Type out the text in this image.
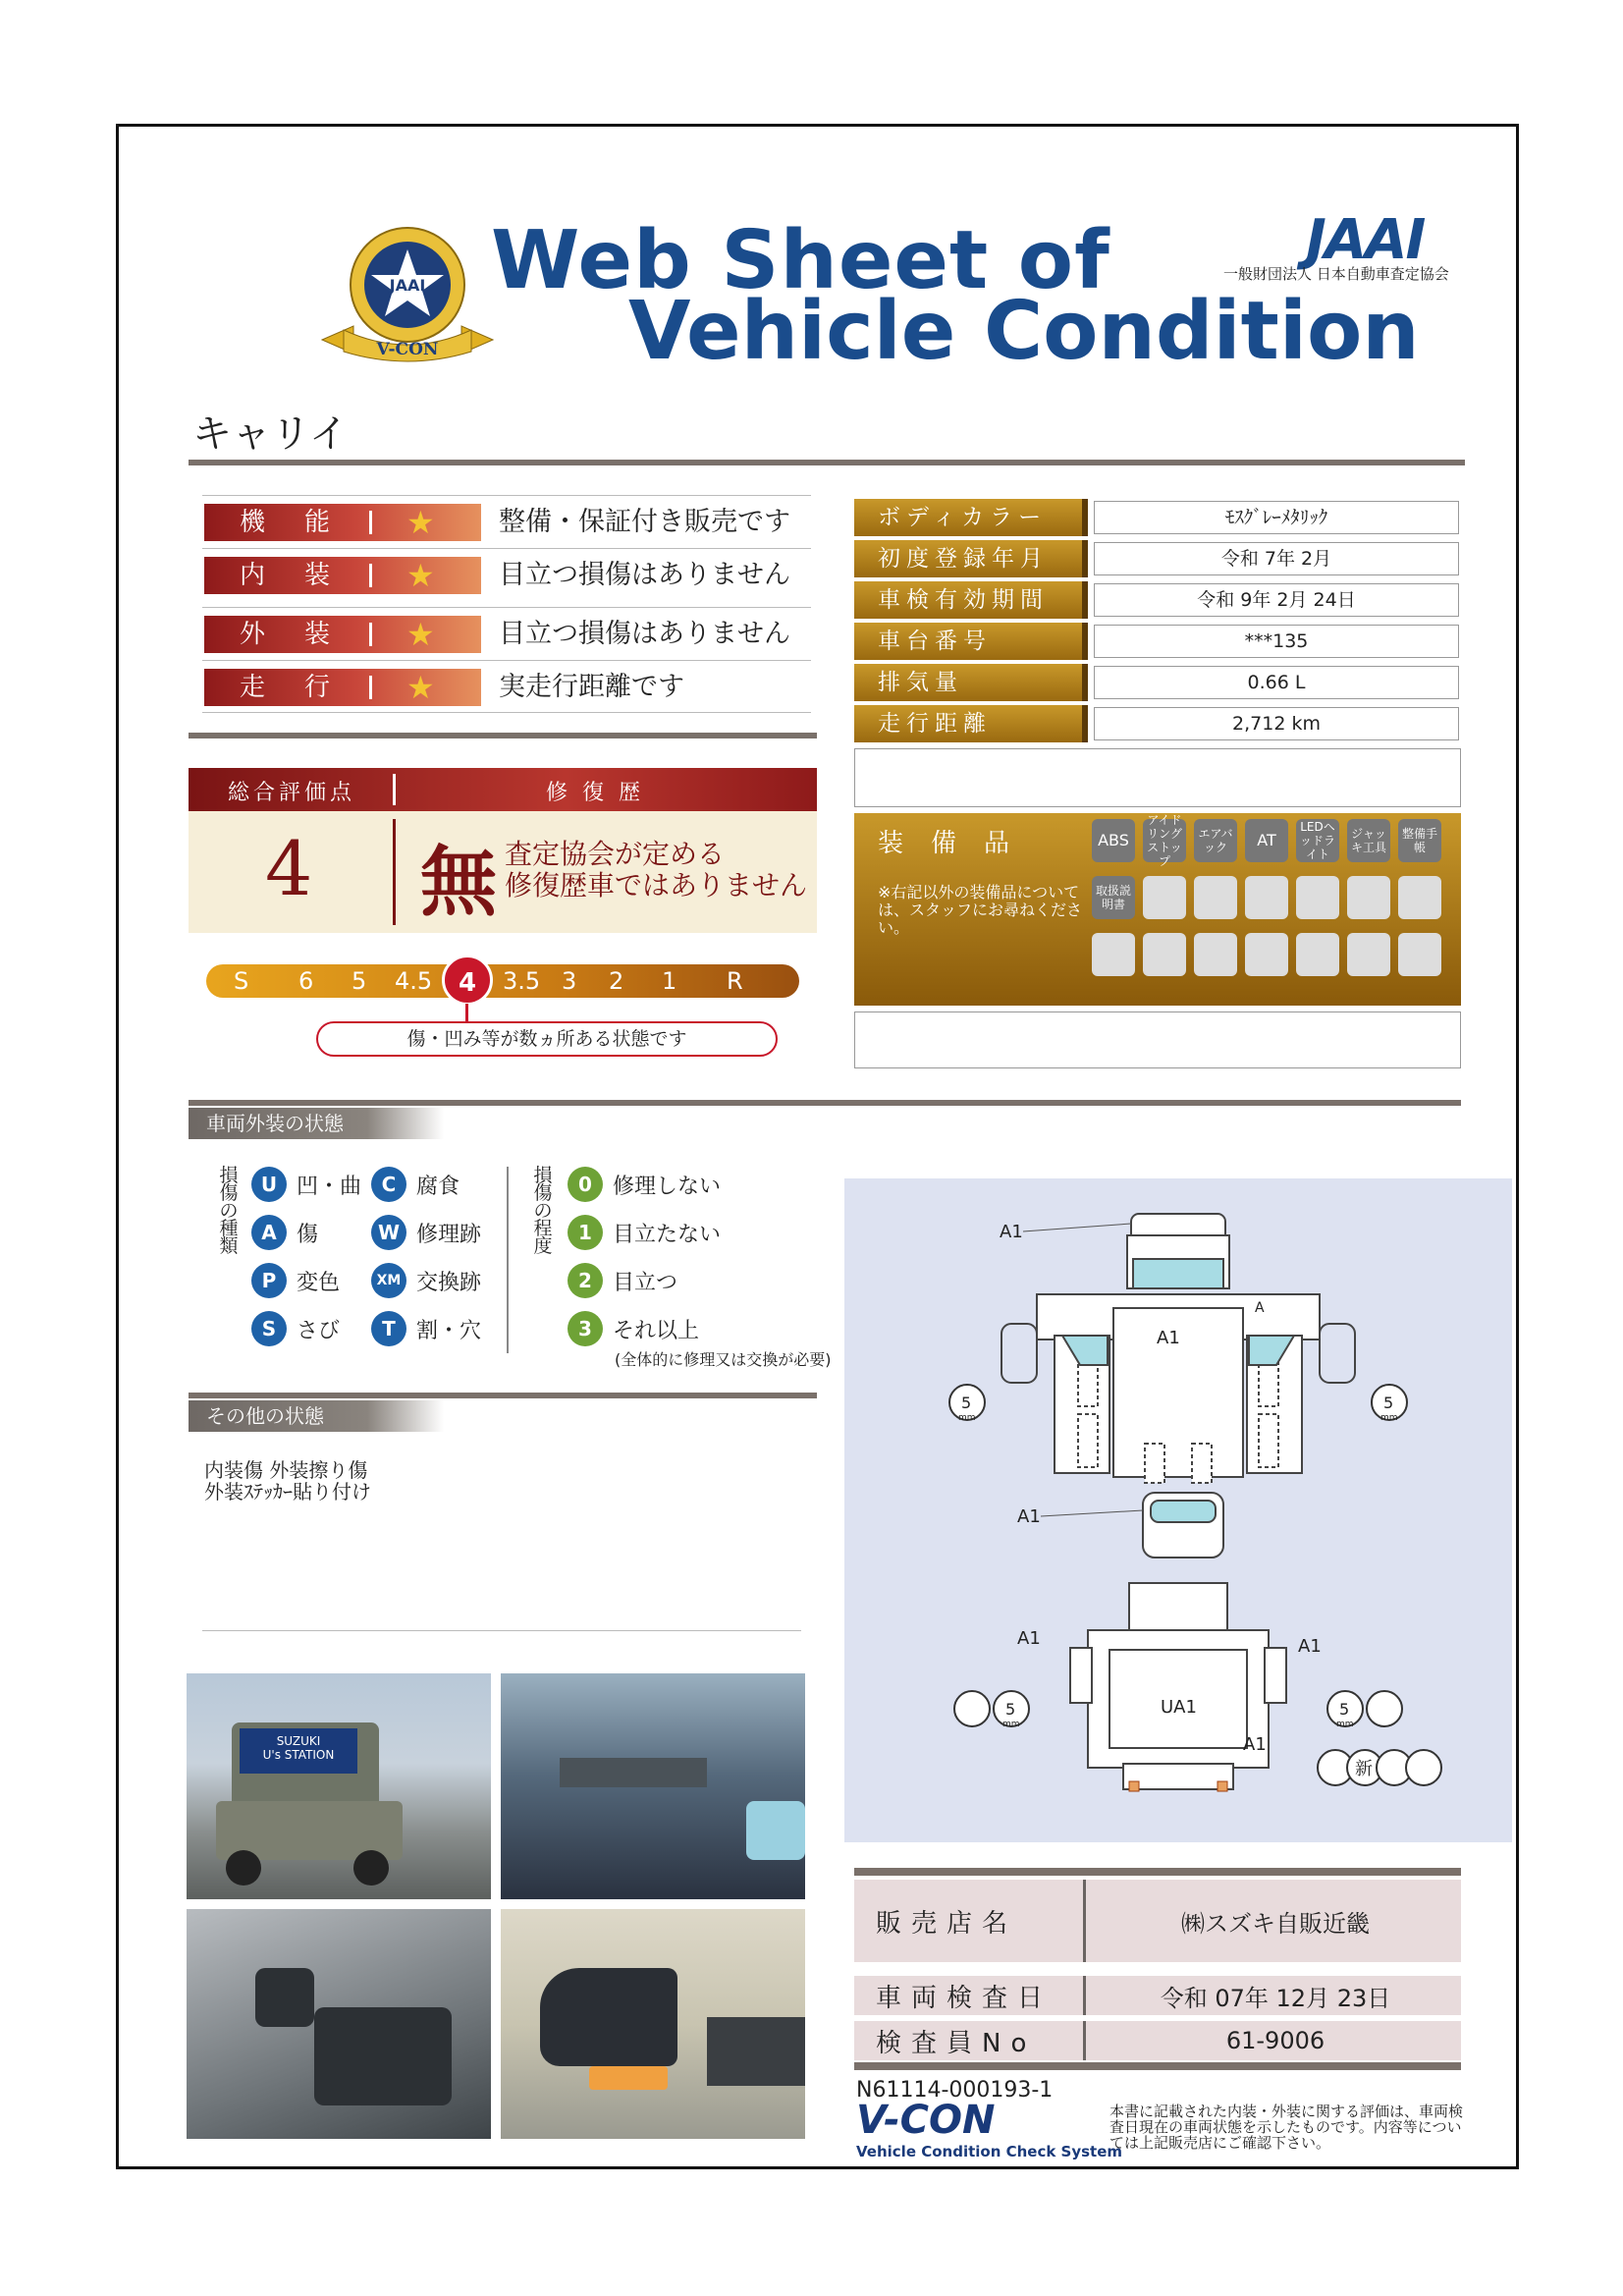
JAAI
V-CON
Web Sheet of
Vehicle Condition
JAAI
一般財団法人 日本自動車査定協会
キャリイ
機能 ★ 整備・保証付き販売です
内装 ★ 目立つ損傷はありません
外装 ★ 目立つ損傷はありません
走行 ★ 実走行距離です
総合評価点	修 復 歴
4 無 査定協会が定める
修復歴車ではありません
S 6 5 4.5	3.5 3 2 1 R
4
傷・凹み等が数ヵ所ある状態です
ボディカラー	ﾓｽｸﾞﾚｰﾒﾀﾘｯｸ
初度登録年月	令和 7年 2月
車検有効期間	令和 9年 2月 24日
車台番号	***135
排気量	0.66 L
走行距離	2,712 km
装備品
※右記以外の装備品については、スタッフにお尋ねください。
ABS
アイドリングストップ
エアバック	AT
LEDヘッドライト
ジャッキ工具
整備手帳
取扱説明書
車両外装の状態
損傷の種類
U 凹・曲	C 腐食
A 傷	W 修理跡
P 変色	XM 交換跡
S さび	T 割・穴
損傷の程度
0 修理しない
1 目立たない
2 目立つ
3 それ以上
(全体的に修理又は交換が必要)
その他の状態
内装傷 外装擦り傷
外装ｽﾃｯｶｰ貼り付け
A1
A1
A1
A1	A1
UA1
A1
A
5	5
5	5
mm	mm
mm	mm
新
SUZUKI
U's STATION
販売店名	㈱スズキ自販近畿
車両検査日	令和 07年 12月 23日
検査員No	61-9006
N61114-000193-1
V-CON
Vehicle Condition Check System
本書に記載された内装・外装に関する評価は、車両検査日現在の車両状態を示したものです。内容等については上記販売店にご確認下さい。
